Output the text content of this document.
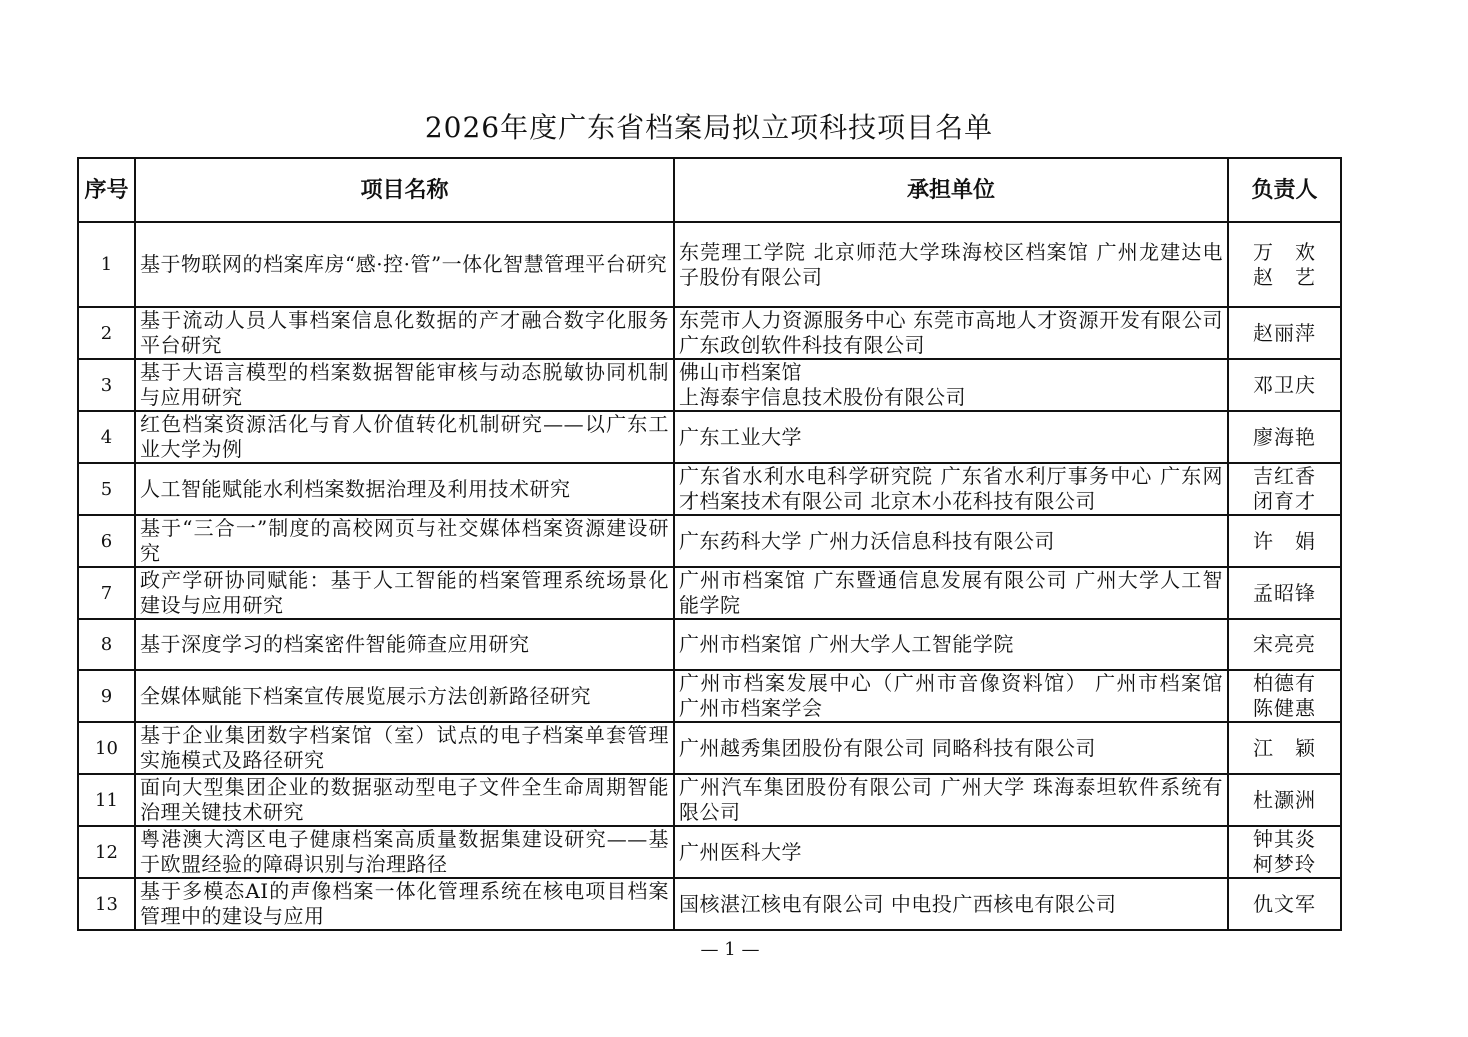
2026年度广东省档案局拟立项科技项目名单
序号	项目名称	承担单位	负责人
1	基于物联网的档案库房“感·控·管”一体化智慧管理平台研究	东莞理工学院 北京师范大学珠海校区档案馆 广州龙建达电子股份有限公司	万　欢
赵　艺

2	基于流动人员人事档案信息化数据的产才融合数字化服务平台研究	东莞市人力资源服务中心 东莞市高地人才资源开发有限公司 广东政创软件科技有限公司	赵丽萍

3	基于大语言模型的档案数据智能审核与动态脱敏协同机制与应用研究	佛山市档案馆
上海泰宇信息技术股份有限公司	邓卫庆

4	红色档案资源活化与育人价值转化机制研究——以广东工业大学为例	广东工业大学	廖海艳

5	人工智能赋能水利档案数据治理及利用技术研究	广东省水利水电科学研究院 广东省水利厅事务中心 广东网才档案技术有限公司 北京木小花科技有限公司	吉红香
闭育才

6	基于“三合一”制度的高校网页与社交媒体档案资源建设研究	广东药科大学 广州力沃信息科技有限公司	许　娟

7	政产学研协同赋能：基于人工智能的档案管理系统场景化建设与应用研究	广州市档案馆 广东暨通信息发展有限公司 广州大学人工智能学院	孟昭锋

8	基于深度学习的档案密件智能筛查应用研究	广州市档案馆 广州大学人工智能学院	宋亮亮

9	全媒体赋能下档案宣传展览展示方法创新路径研究	广州市档案发展中心（广州市音像资料馆） 广州市档案馆 广州市档案学会	柏德有
陈健惠

10	基于企业集团数字档案馆（室）试点的电子档案单套管理实施模式及路径研究	广州越秀集团股份有限公司 同略科技有限公司	江　颖

11	面向大型集团企业的数据驱动型电子文件全生命周期智能治理关键技术研究	广州汽车集团股份有限公司 广州大学 珠海泰坦软件系统有限公司	杜灏洲

12	粤港澳大湾区电子健康档案高质量数据集建设研究——基于欧盟经验的障碍识别与治理路径	广州医科大学	钟其炎
柯梦玲

13	基于多模态AI的声像档案一体化管理系统在核电项目档案管理中的建设与应用	国核湛江核电有限公司 中电投广西核电有限公司	仇文军
— 1 —
